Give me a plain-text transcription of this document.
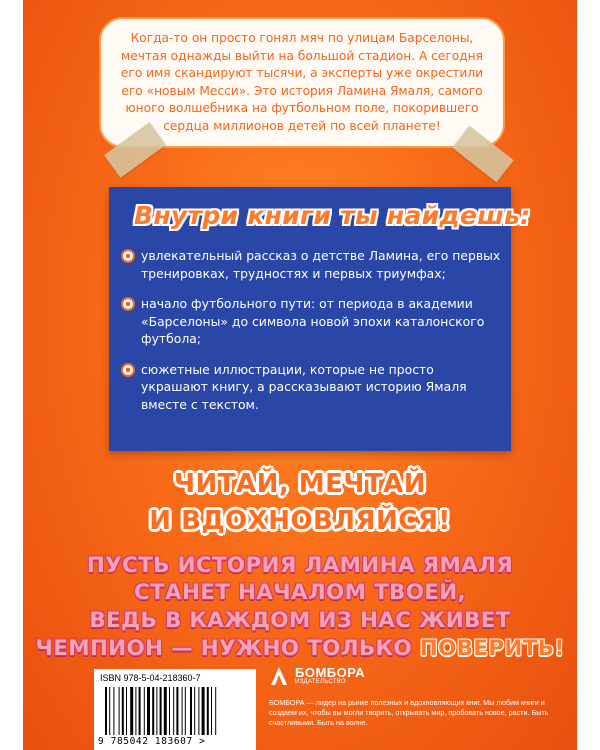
Когда-то он просто гонял мяч по улицам Барселоны, мечтая однажды выйти на большой стадион. А сегодня его имя скандируют тысячи, а эксперты уже окрестили его «новым Месси». Это история Ламина Ямаля, самого юного волшебника на футбольном поле, покорившего сердца миллионов детей по всей планете!
Внутри книги ты найдешь:
увлекательный рассказ о детстве Ламина, его первых тренировках, трудностях и первых триумфах;
начало футбольного пути: от периода в академии «Барселоны» до символа новой эпохи каталонского футбола;
сюжетные иллюстрации, которые не просто украшают книгу, а рассказывают историю Ямаля вместе с текстом.
ЧИТАЙ, МЕЧТАЙ
И ВДОХНОВЛЯЙСЯ!
ПУСТЬ ИСТОРИЯ ЛАМИНА ЯМАЛЯ
СТАНЕТ НАЧАЛОМ ТВОЕЙ,
ВЕДЬ В КАЖДОМ ИЗ НАС ЖИВЕТ
ЧЕМПИОН — НУЖНО ТОЛЬКО ПОВЕРИТЬ!
ISBN 978-5-04-218360-7
9 785042 183607 >
БОМБОРА
ИЗДАТЕЛЬСТВО
БОМБОРА — лидер на рынке полезных и вдохновляющих книг. Мы любим книги и создаем их, чтобы вы могли творить, открывать мир, пробовать новое, расти. Быть счастливыми. Быть на волне.
